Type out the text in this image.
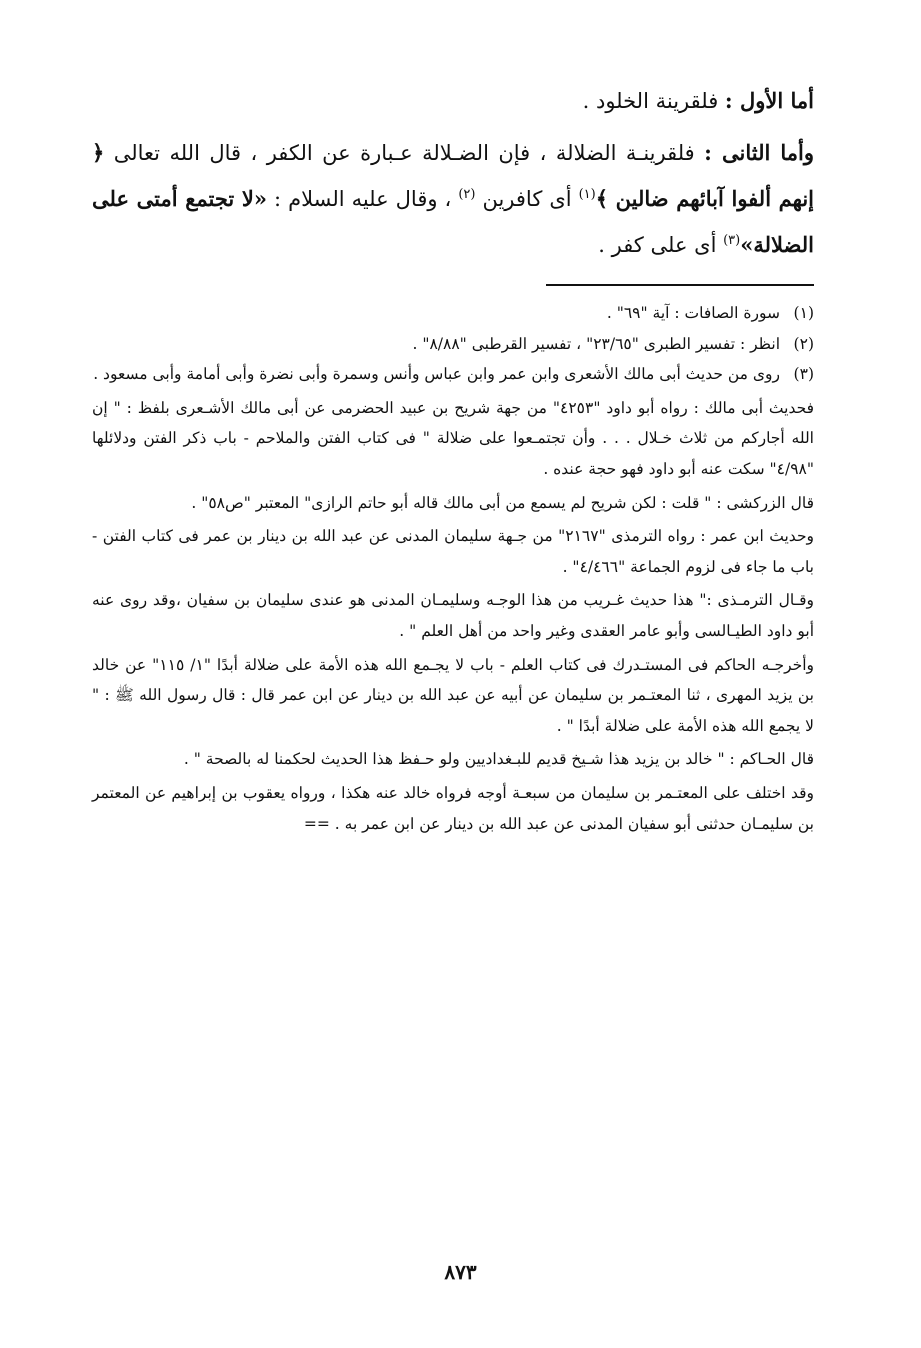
أما الأول : فلقرينة الخلود .

وأما الثانى : فلقرينـة الضلالة ، فإن الضـلالة عـبارة عن الكفر ، قال الله تعالى ﴿ إنهم ألفوا آبائهم ضالين ﴾$^{(١)}$ أى كافرين $^{(٢)}$ ، وقال عليه السلام : «لا تجتمع أمتى على الضلالة»$^{(٣)}$ أى على كفر .

(١)
سورة الصافات : آية "٦٩" .
(٢)
انظر : تفسير الطبرى "٢٣/٦٥" ، تفسير القرطبى "٨/٨٨" .
(٣)
روى من حديث أبى مالك الأشعرى وابن عمر وابن عباس وأنس وسمرة وأبى نضرة وأبى أمامة وأبى مسعود .

فحديث أبى مالك : رواه أبو داود "٤٢٥٣" من جهة شريح بن عبيد الحضرمى عن أبى مالك الأشـعرى بلفظ : " إن الله أجاركم من ثلاث خـلال . . . وأن تجتمـعوا على ضلالة " فى كتاب الفتن والملاحم - باب ذكر الفتن ودلائلها "٤/٩٨" سكت عنه أبو داود فهو حجة عنده .

قال الزركشى : " قلت : لكن شريح لم يسمع من أبى مالك قاله أبو حاتم الرازى" المعتبر "ص٥٨" .

وحديث ابن عمر : رواه الترمذى "٢١٦٧" من جـهة سليمان المدنى عن عبد الله بن دينار بن عمر فى كتاب الفتن - باب ما جاء فى لزوم الجماعة "٤/٤٦٦" .

وقـال الترمـذى :" هذا حديث غـريب من هذا الوجـه وسليمـان المدنى هو عندى سليمان بن سفيان ،وقد روى عنه أبو داود الطيـالسى وأبو عامر العقدى وغير واحد من أهل العلم " .

وأخرجـه الحاكم فى المستـدرك فى كتاب العلم - باب لا يجـمع الله هذه الأمة على ضلالة أبدًا "١/ ١١٥" عن خالد بن يزيد المهرى ، ثنا المعتـمر بن سليمان عن أبيه عن عبد الله بن دينار عن ابن عمر قال : قال رسول الله ﷺ : " لا يجمع الله هذه الأمة على ضلالة أبدًا " .

قال الحـاكم : " خالد بن يزيد هذا شـيخ قديم للبـغداديين ولو حـفظ هذا الحديث لحكمنا له بالصحة " .

وقد اختلف على المعتـمر بن سليمان من سبعـة أوجه فرواه خالد عنه هكذا ، ورواه يعقوب بن إبراهيم عن المعتمر بن سليمـان حدثنى أبو سفيان المدنى عن عبد الله بن دينار عن ابن عمر به . ==

٨٧٣
